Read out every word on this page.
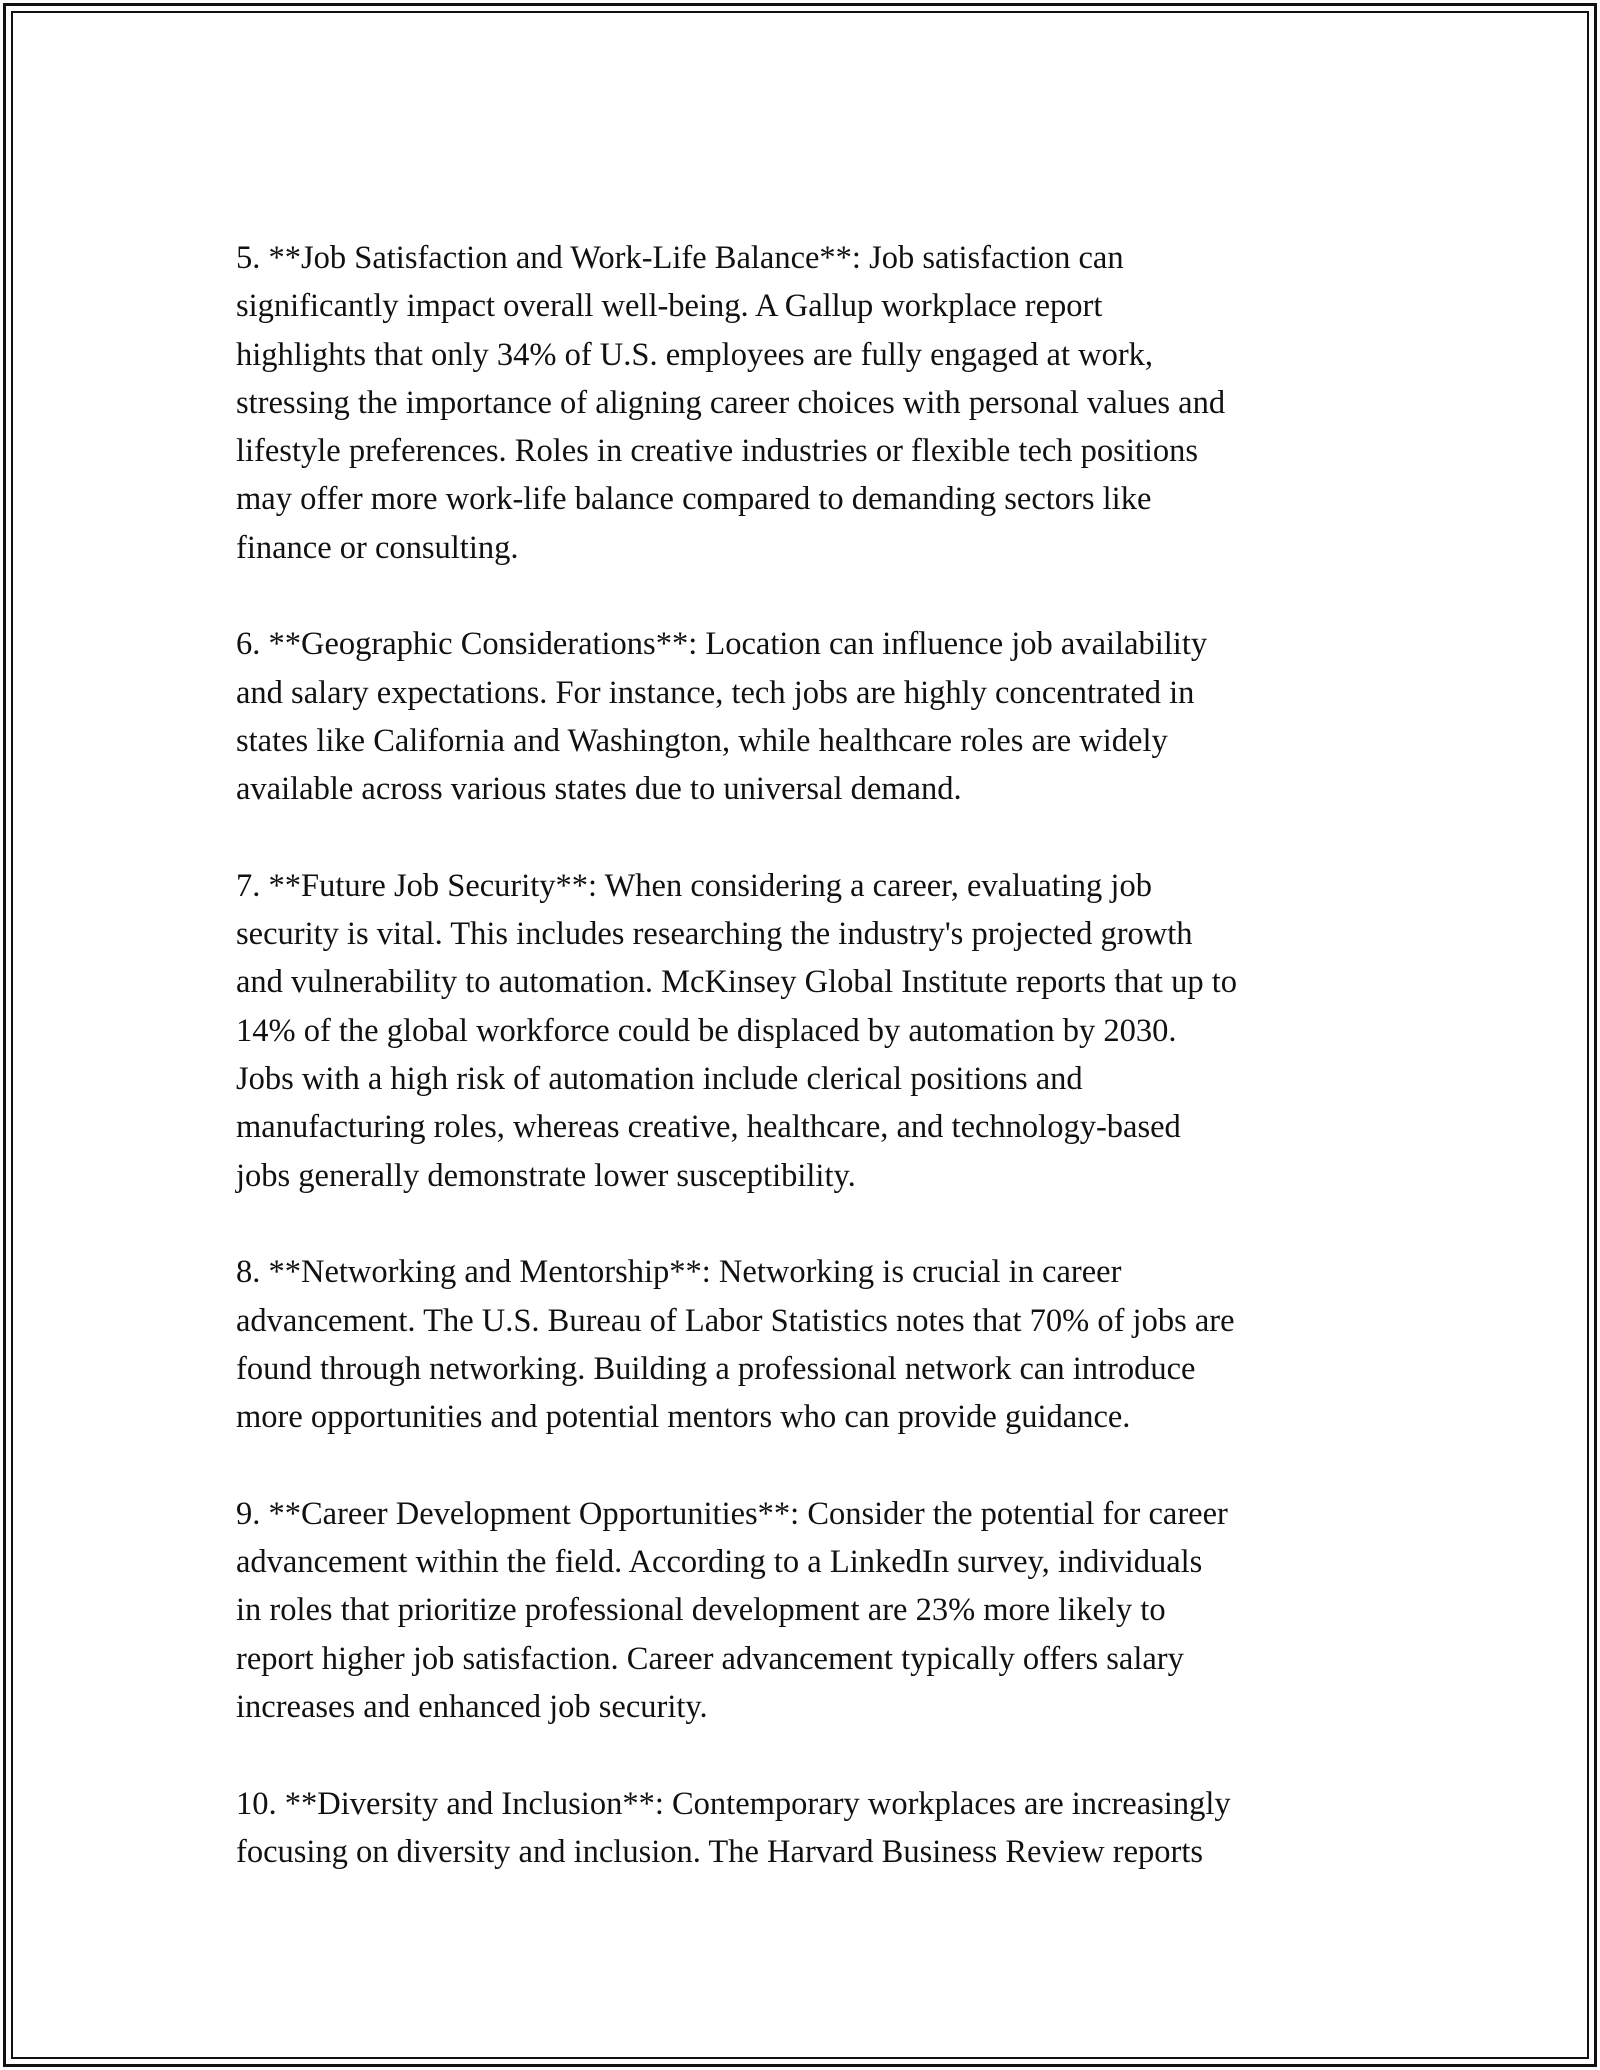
5. **Job Satisfaction and Work-Life Balance**: Job satisfaction can
significantly impact overall well-being. A Gallup workplace report
highlights that only 34% of U.S. employees are fully engaged at work,
stressing the importance of aligning career choices with personal values and
lifestyle preferences. Roles in creative industries or flexible tech positions
may offer more work-life balance compared to demanding sectors like
finance or consulting.

6. **Geographic Considerations**: Location can influence job availability
and salary expectations. For instance, tech jobs are highly concentrated in
states like California and Washington, while healthcare roles are widely
available across various states due to universal demand.

7. **Future Job Security**: When considering a career, evaluating job
security is vital. This includes researching the industry's projected growth
and vulnerability to automation. McKinsey Global Institute reports that up to
14% of the global workforce could be displaced by automation by 2030.
Jobs with a high risk of automation include clerical positions and
manufacturing roles, whereas creative, healthcare, and technology-based
jobs generally demonstrate lower susceptibility.

8. **Networking and Mentorship**: Networking is crucial in career
advancement. The U.S. Bureau of Labor Statistics notes that 70% of jobs are
found through networking. Building a professional network can introduce
more opportunities and potential mentors who can provide guidance.

9. **Career Development Opportunities**: Consider the potential for career
advancement within the field. According to a LinkedIn survey, individuals
in roles that prioritize professional development are 23% more likely to
report higher job satisfaction. Career advancement typically offers salary
increases and enhanced job security.

10. **Diversity and Inclusion**: Contemporary workplaces are increasingly
focusing on diversity and inclusion. The Harvard Business Review reports
